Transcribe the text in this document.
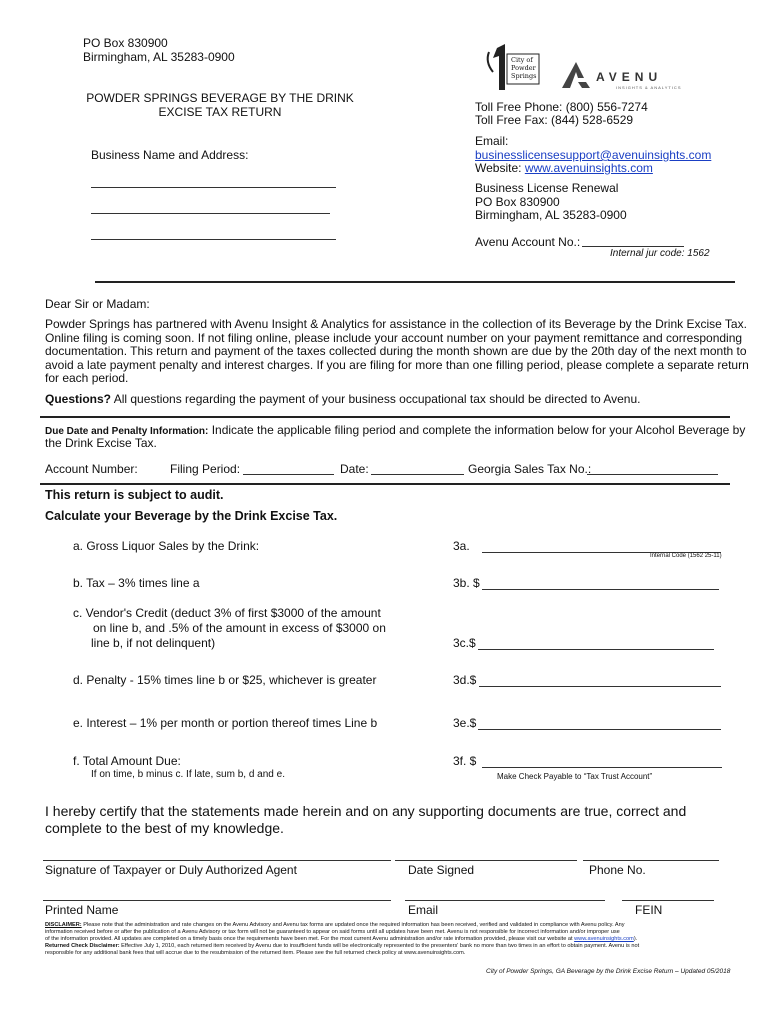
PO Box 830900
Birmingham, AL 35283-0900
POWDER SPRINGS BEVERAGE BY THE DRINK
EXCISE TAX RETURN
Business Name and Address:
City of
Powder
Springs	AVENU
INSIGHTS & ANALYTICS
Toll Free Phone: (800) 556-7274
Toll Free Fax: (844) 528-6529
Email:
businesslicensesupport@avenuinsights.com
Website: www.avenuinsights.com
Business License Renewal
PO Box 830900
Birmingham, AL 35283-0900
Avenu Account No.:
Internal jur code: 1562
Dear Sir or Madam:
Powder Springs has partnered with Avenu Insight & Analytics for assistance in the collection of its Beverage by the Drink Excise Tax.
Online filing is coming soon. If not filing online, please include your account number on your payment remittance and corresponding
documentation. This return and payment of the taxes collected during the month shown are due by the 20th day of the next month to
avoid a late payment penalty and interest charges. If you are filing for more than one filling period, please complete a separate return
for each period.
Questions? All questions regarding the payment of your business occupational tax should be directed to Avenu.
Due Date and Penalty Information: Indicate the applicable filing period and complete the information below for your Alcohol Beverage by
the Drink Excise Tax.
Account Number:	Filing Period:	Date:	Georgia Sales Tax No.:
This return is subject to audit.
Calculate your Beverage by the Drink Excise Tax.
a. Gross Liquor Sales by the Drink:	3a.
Internal Code (1562 25-11)
b. Tax – 3% times line a	3b. $
c. Vendor's Credit (deduct 3% of first $3000 of the amount
on line b, and .5% of the amount in excess of $3000 on
line b, if not delinquent)	3c.$
d. Penalty - 15% times line b or $25, whichever is greater	3d.$
e. Interest – 1% per month or portion thereof times Line b	3e.$
f. Total Amount Due:
If on time, b minus c. If late, sum b, d and e.
3f. $
Make Check Payable to “Tax Trust Account”
I hereby certify that the statements made herein and on any supporting documents are true, correct and
complete to the best of my knowledge.
Signature of Taxpayer or Duly Authorized Agent	Date Signed	Phone No.
Printed Name	Email	FEIN
DISCLAIMER: Please note that the administration and rate changes on the Avenu Advisory and Avenu tax forms are updated once the required information has been received, verified and validated in compliance with Avenu policy. Any
information received before or after the publication of a Avenu Advisory or tax form will not be guaranteed to appear on said forms until all updates have been met. Avenu is not responsible for incorrect information and/or improper use
of the information provided. All updates are completed on a timely basis once the requirements have been met. For the most current Avenu administration and/or rate information provided, please visit our website at www.avenuinsights.com).
Returned Check Disclaimer: Effective July 1, 2010, each returned item received by Avenu due to insufficient funds will be electronically represented to the presenters' bank no more than two times in an effort to obtain payment. Avenu is not
responsible for any additional bank fees that will accrue due to the resubmission of the returned item. Please see the full returned check policy at www.avenuinsights.com.
City of Powder Springs, GA Beverage by the Drink Excise Return – Updated 05/2018
